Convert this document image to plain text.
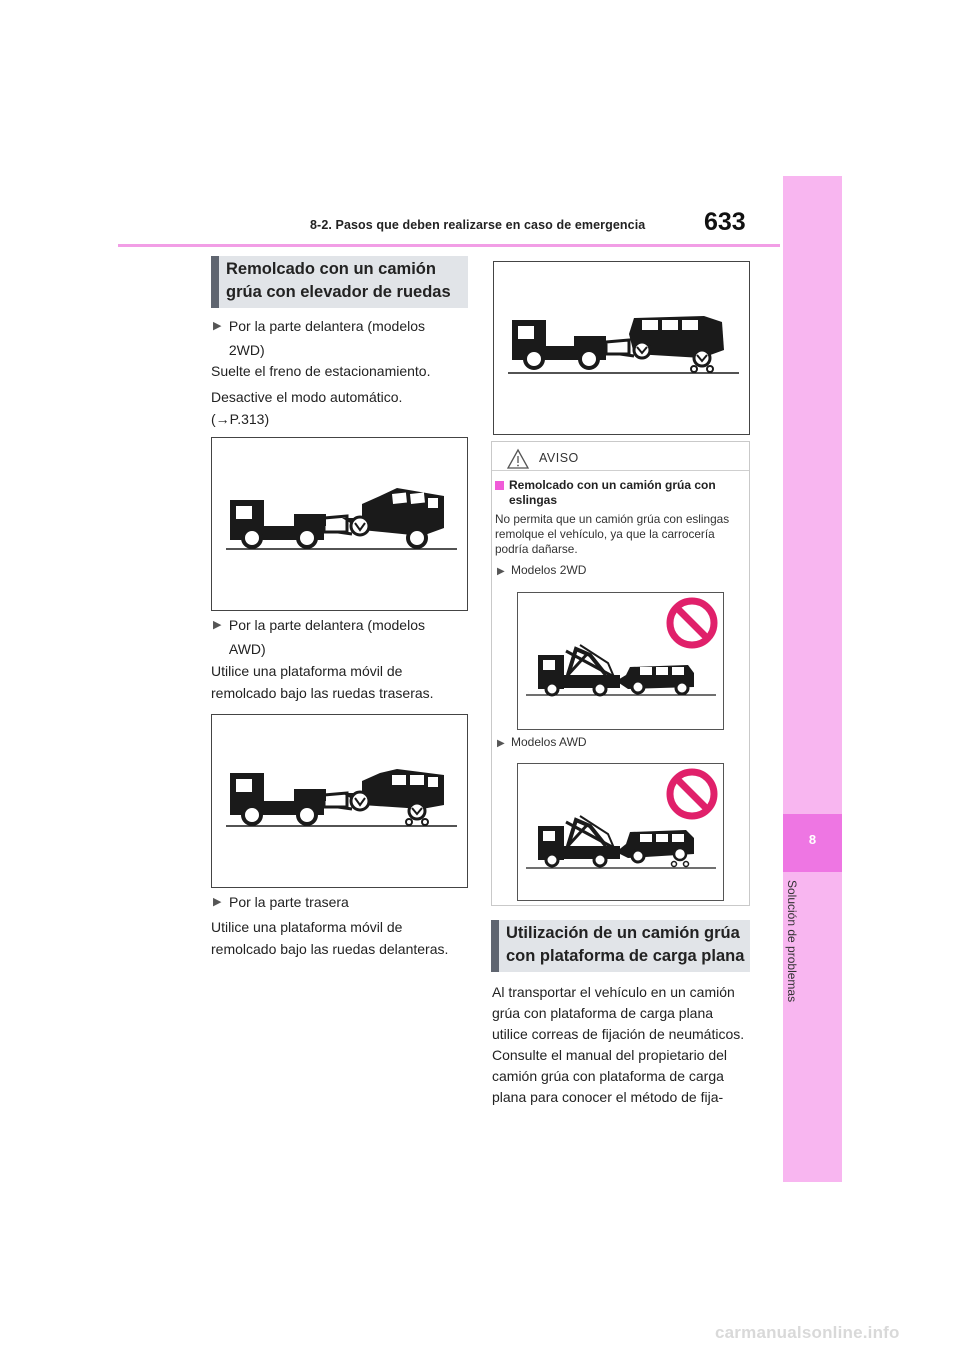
8-2. Pasos que deben realizarse en caso de emergencia 633
8
Solución de problemas
Remolcado con un camión grúa con elevador de ruedas
▶ Por la parte delantera (modelos 2WD)
Suelte el freno de estacionamiento.
Desactive el modo automático. (→P.313)
▶ Por la parte delantera (modelos AWD)
Utilice una plataforma móvil de remolcado bajo las ruedas traseras.
▶ Por la parte trasera
Utilice una plataforma móvil de remolcado bajo las ruedas delanteras.
AVISO
Remolcado con un camión grúa con eslingas
No permita que un camión grúa con eslingas remolque el vehículo, ya que la carrocería podría dañarse.
▶ Modelos 2WD
▶ Modelos AWD
Utilización de un camión grúa con plataforma de carga plana
Al transportar el vehículo en un camión grúa con plataforma de carga plana utilice correas de fijación de neumáticos. Consulte el manual del propietario del camión grúa con plataforma de carga plana para conocer el método de fija-
carmanualsonline.info
